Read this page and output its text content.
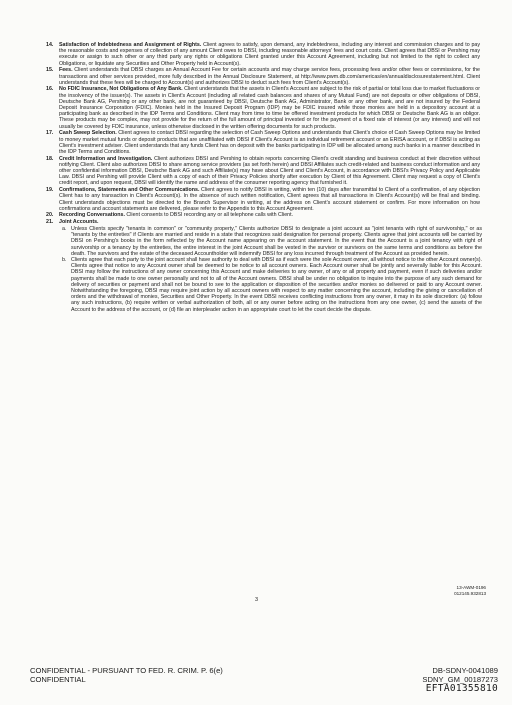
14. Satisfaction of Indebtedness and Assignment of Rights. Client agrees to satisfy, upon demand, any indebtedness, including any interest and commission charges and to pay the reasonable costs and expenses of collection of any amount Client owes to DBSI, including reasonable attorneys' fees and court costs. Client agrees that DBSI or Pershing may execute or assign to such other or any third party any rights or obligations Client granted under this Account Agreement, including but not limited to the right to collect any Obligations, or liquidate any Securities and Other Property held in Account(s).
15. Fees. Client understands that DBSI charges an Annual Account Fee for certain accounts and may charge service fees, processing fees and/or other fees or commissions, for the transactions and other services provided, more fully described in the Annual Disclosure Statement, at http://www.pwm.db.com/americas/en/annualdisclosurestatement.html. Client understands that these fees will be charged to Account(s) and authorizes DBSI to deduct such fees from Client's Account(s).
16. No FDIC Insurance, Not Obligations of Any Bank. Client understands that the assets in Client's Account are subject to the risk of partial or total loss due to market fluctuations or the insolvency of the issuer(s). The assets in Client's Account (including all related cash balances and shares of any Mutual Fund) are not deposits or other obligations of DBSI, Deutsche Bank AG, Pershing or any other bank, are not guaranteed by DBSI, Deutsche Bank AG, Administrator, Bank or any other bank, and are not insured by the Federal Deposit Insurance Corporation (FDIC). Monies held in the Insured Deposit Program (IDP) may be FDIC insured while those monies are held in a depository account at a participating bank as described in the IDP Terms and Conditions. Client may from time to time be offered investment products for which DBSI or Deutsche Bank AG is an obligor. These products may be complex, may not provide for the return of the full amount of principal invested or for the payment of a fixed rate of interest (or any interest) and will not usually be covered by FDIC insurance, unless otherwise disclosed in the written offering documents for such products.
17. Cash Sweep Selection. Client agrees to contact DBSI regarding the selection of Cash Sweep Options and understands that Client's choice of Cash Sweep Options may be limited to money market mutual funds or deposit products that are unaffiliated with DBSI if Client's Account is an individual retirement account or an ERISA account, or if DBSI is acting as Client's investment adviser. Client understands that any funds Client has on deposit with the banks participating in IDP will be allocated among such banks in a manner described in the IDP Terms and Conditions.
18. Credit Information and Investigation. Client authorizes DBSI and Pershing to obtain reports concerning Client's credit standing and business conduct at their discretion without notifying Client. Client also authorizes DBSI to share among service providers (as set forth herein) and DBSI Affiliates such credit-related and business conduct information and any other confidential information DBSI, Deutsche Bank AG and such Affiliate(s) may have about Client and Client's Account, in accordance with DBSI's Privacy Policy and Applicable Law. DBSI and Pershing will provide Client with a copy of each of their Privacy Policies shortly after execution by Client of this Agreement. Client may request a copy of Client's credit report, and upon request, DBSI will identify the name and address of the consumer reporting agency that furnished it.
19. Confirmations, Statements and Other Communications. Client agrees to notify DBSI in writing, within ten (10) days after transmittal to Client of a confirmation, of any objection Client has to any transaction in Client's Account(s). In the absence of such written notification, Client agrees that all transactions in Client's Account(s) will be final and binding. Client understands objections must be directed to the Branch Supervisor in writing, at the address on Client's account statement or confirm. For more information on how confirmations and account statements are delivered, please refer to the Appendix to this Account Agreement.
20. Recording Conversations. Client consents to DBSI recording any or all telephone calls with Client.
21. Joint Accounts.
a. Unless Clients specify "tenants in common" or "community property," Clients authorize DBSI to designate a joint account as "joint tenants with right of survivorship," or as "tenants by the entireties" if Clients are married and reside in a state that recognizes said designation for personal property. Clients agree that joint accounts will be carried by DBSI on Pershing's books in the form reflected by the Account name appearing on the account statement. In the event that the Account is a joint tenancy with right of survivorship or a tenancy by the entireties, the entire interest in the joint Account shall be vested in the survivor or survivors on the same terms and conditions as before the death. The survivors and the estate of the deceased Accountholder will indemnify DBSI for any loss incurred through treatment of the Account as provided herein.
b. Clients agree that each party to the joint account shall have authority to deal with DBSI as if each were the sole Account owner, all without notice to the other Account owner(s). Clients agree that notice to any Account owner shall be deemed to be notice to all account owners. Each Account owner shall be jointly and severally liable for this Account. DBSI may follow the instructions of any owner concerning this Account and make deliveries to any owner, of any or all property and payment, even if such deliveries and/or payments shall be made to one owner personally and not to all of the Account owners. DBSI shall be under no obligation to inquire into the purpose of any such demand for delivery of securities or payment and shall not be bound to see to the application or disposition of the securities and/or monies so delivered or paid to any Account owner. Notwithstanding the foregoing, DBSI may require joint action by all account owners with respect to any matter concerning the account, including the giving or cancellation of orders and the withdrawal of monies, Securities and Other Property. In the event DBSI receives conflicting instructions from any owner, it may in its sole discretion: (a) follow any such instructions, (b) require written or verbal authorization of both, all or any owner before acting on the instructions from any one owner, (c) send the assets of the Account to the address of the account, or (d) file an interpleader action in an appropriate court to let the court decide the dispute.
3
13-AWM-0196
012145.932813
CONFIDENTIAL - PURSUANT TO FED. R. CRIM. P. 6(e)
CONFIDENTIAL
DB-SDNY-0041089
SDNY_GM_00187273
EFTA01355810
